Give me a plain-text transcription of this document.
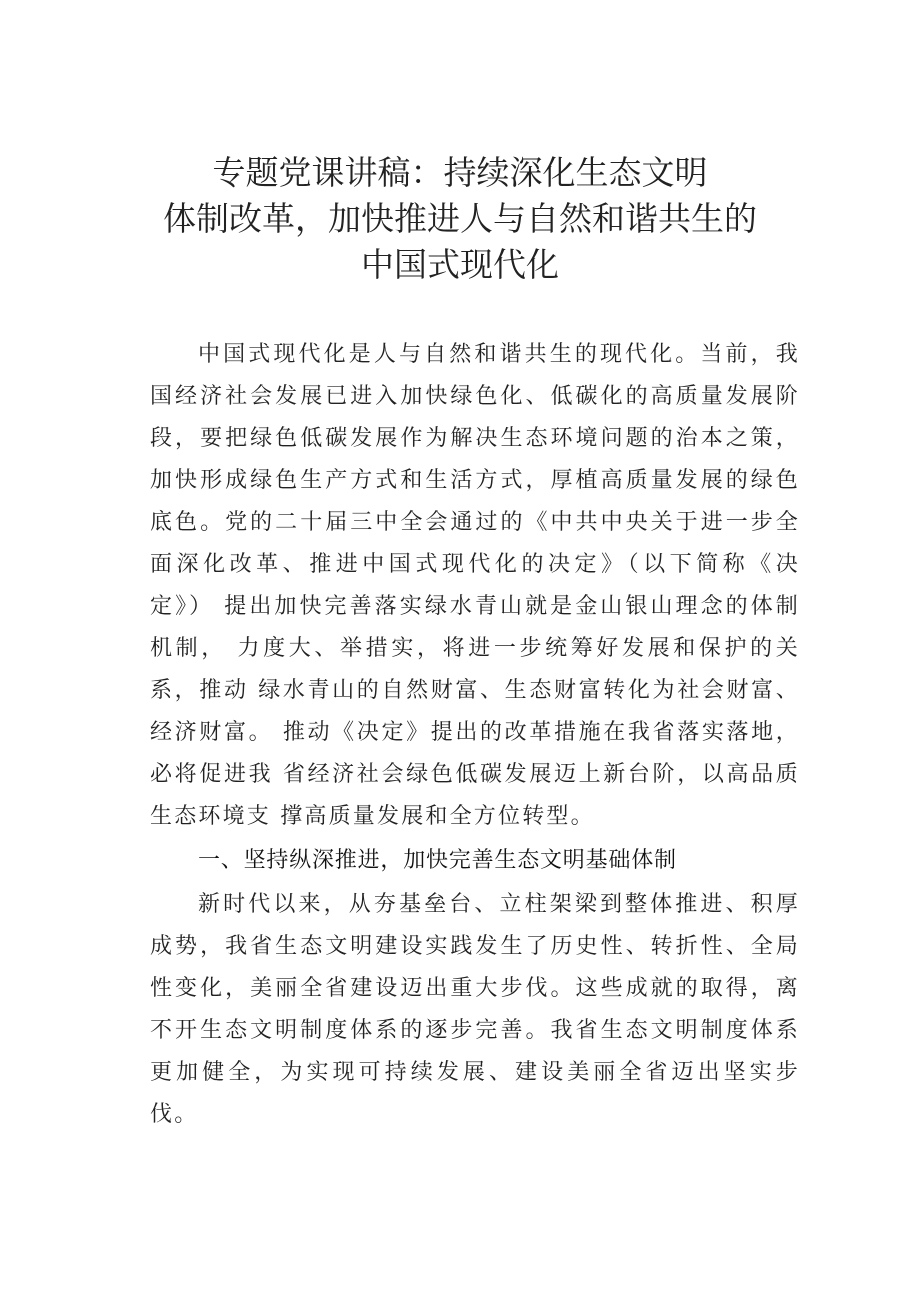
专题党课讲稿：持续深化生态文明
体制改革，加快推进人与自然和谐共生的
中国式现代化

中国式现代化是人与自然和谐共生的现代化。当前，我 国经济社会发展已进入加快绿色化、低碳化的高质量发展阶 段，要把绿色低碳发展作为解决生态环境问题的治本之策， 加快形成绿色生产方式和生活方式，厚植高质量发展的绿色 底色。党的二十届三中全会通过的《中共中央关于进一步全 面深化改革、推进中国式现代化的决定》（以下简称《决定》） 提出加快完善落实绿水青山就是金山银山理念的体制机制， 力度大、举措实，将进一步统筹好发展和保护的关系，推动 绿水青山的自然财富、生态财富转化为社会财富、经济财富。 推动《决定》提出的改革措施在我省落实落地，必将促进我 省经济社会绿色低碳发展迈上新台阶，以高品质生态环境支 撑高质量发展和全方位转型。

一、坚持纵深推进，加快完善生态文明基础体制

新时代以来，从夯基垒台、立柱架梁到整体推进、积厚 成势，我省生态文明建设实践发生了历史性、转折性、全局 性变化，美丽全省建设迈出重大步伐。这些成就的取得，离 不开生态文明制度体系的逐步完善。我省生态文明制度体系 更加健全，为实现可持续发展、建设美丽全省迈出坚实步伐。
